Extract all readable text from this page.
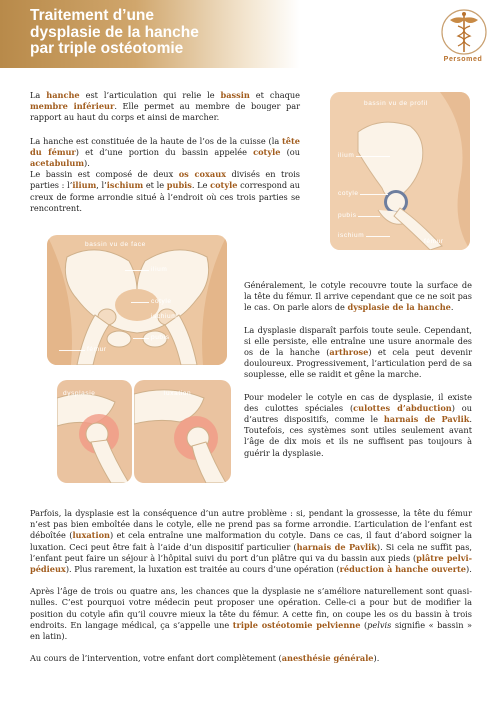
Traitement d’une
dysplasie de la hanche
par triple ostéotomie
Persomed

La hanche est l’articulation qui relie le bassin et chaque membre inférieur. Elle permet au membre de bouger par rapport au haut du corps et ainsi de marcher.

La hanche est constituée de la haute de l’os de la cuisse (la tête du fémur) et d’une portion du bassin appelée cotyle (ou acetabulum).

Le bassin est composé de deux os coxaux divisés en trois parties : l’ilium, l’ischium et le pubis. Le cotyle correspond au creux de forme arrondie situé à l’endroit où ces trois parties se rencontrent.

bassin vu de profil
ilium
cotyle
pubis
ischium
fémur
bassin vu de face
ilium
cotyle
ischium
pubis
fémur
dysplasie	luxation

Généralement, le cotyle recouvre toute la surface de la tête du fémur. Il arrive cependant que ce ne soit pas le cas. On parle alors de dysplasie de la hanche.

La dysplasie disparaît parfois toute seule. Cependant, si elle persiste, elle entraîne une usure anormale des os de la hanche (arthrose) et cela peut devenir douloureux. Progressivement, l’articulation perd de sa souplesse, elle se raidit et gêne la marche.

Pour modeler le cotyle en cas de dysplasie, il existe des culottes spéciales (culottes d’abduction) ou d’autres dispositifs, comme le harnais de Pavlik. Toutefois, ces systèmes sont utiles seulement avant l’âge de dix mois et ils ne suffisent pas toujours à guérir la dysplasie.

Parfois, la dysplasie est la conséquence d’un autre problème : si, pendant la grossesse, la tête du fémur n’est pas bien emboîtée dans le cotyle, elle ne prend pas sa forme arrondie. L’articulation de l’enfant est déboîtée (luxation) et cela entraîne une malformation du cotyle. Dans ce cas, il faut d’abord soigner la luxation. Ceci peut être fait à l’aide d’un dispositif particulier (harnais de Pavlik). Si cela ne suffit pas, l’enfant peut faire un séjour à l’hôpital suivi du port d’un plâtre qui va du bassin aux pieds (plâtre pelvi-pédieux). Plus rarement, la luxation est traitée au cours d’une opération (réduction à hanche ouverte).

Après l’âge de trois ou quatre ans, les chances que la dysplasie ne s’améliore naturellement sont quasi-nulles. C’est pourquoi votre médecin peut proposer une opération. Celle-ci a pour but de modifier la position du cotyle afin qu’il couvre mieux la tête du fémur. A cette fin, on coupe les os du bassin à trois endroits. En langage médical, ça s’appelle une triple ostéotomie pelvienne (pelvis signifie « bassin » en latin).

Au cours de l’intervention, votre enfant dort complètement (anesthésie générale).
